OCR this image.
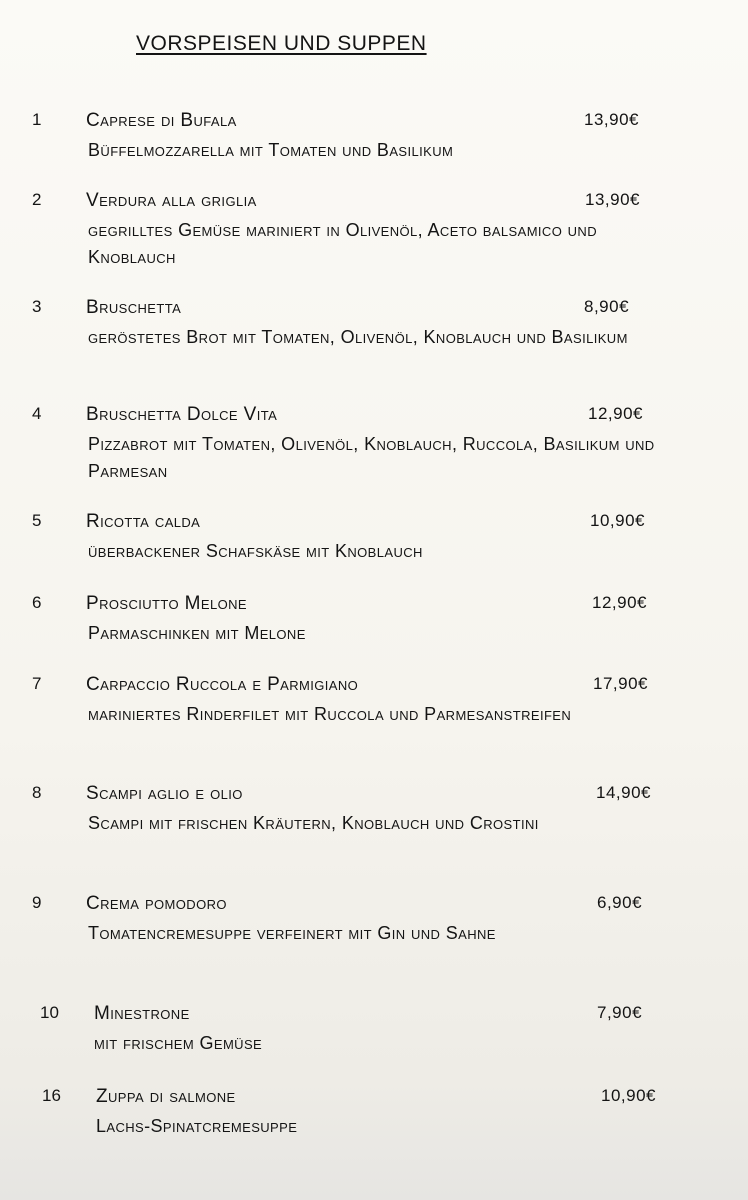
VORSPEISEN UND SUPPEN
1 Caprese di Bufala	13,90€
Büffelmozzarella mit Tomaten und Basilikum
2 Verdura alla griglia	13,90€
gegrilltes Gemüse mariniert in Olivenöl, Aceto balsamico und Knoblauch
3 Bruschetta	8,90€
geröstetes Brot mit Tomaten, Olivenöl, Knoblauch und Basilikum
4 Bruschetta Dolce Vita	12,90€
Pizzabrot mit Tomaten, Olivenöl, Knoblauch, Ruccola, Basilikum und Parmesan
5 Ricotta calda	10,90€
überbackener Schafskäse mit Knoblauch
6 Prosciutto Melone	12,90€
Parmaschinken mit Melone
7 Carpaccio Ruccola e Parmigiano	17,90€
mariniertes Rinderfilet mit Ruccola und Parmesanstreifen
8 Scampi aglio e olio	14,90€
Scampi mit frischen Kräutern, Knoblauch und Crostini
9 Crema pomodoro	6,90€
Tomatencremesuppe verfeinert mit Gin und Sahne
10 Minestrone	7,90€
mit frischem Gemüse
16 Zuppa di salmone	10,90€
Lachs-Spinatcremesuppe
